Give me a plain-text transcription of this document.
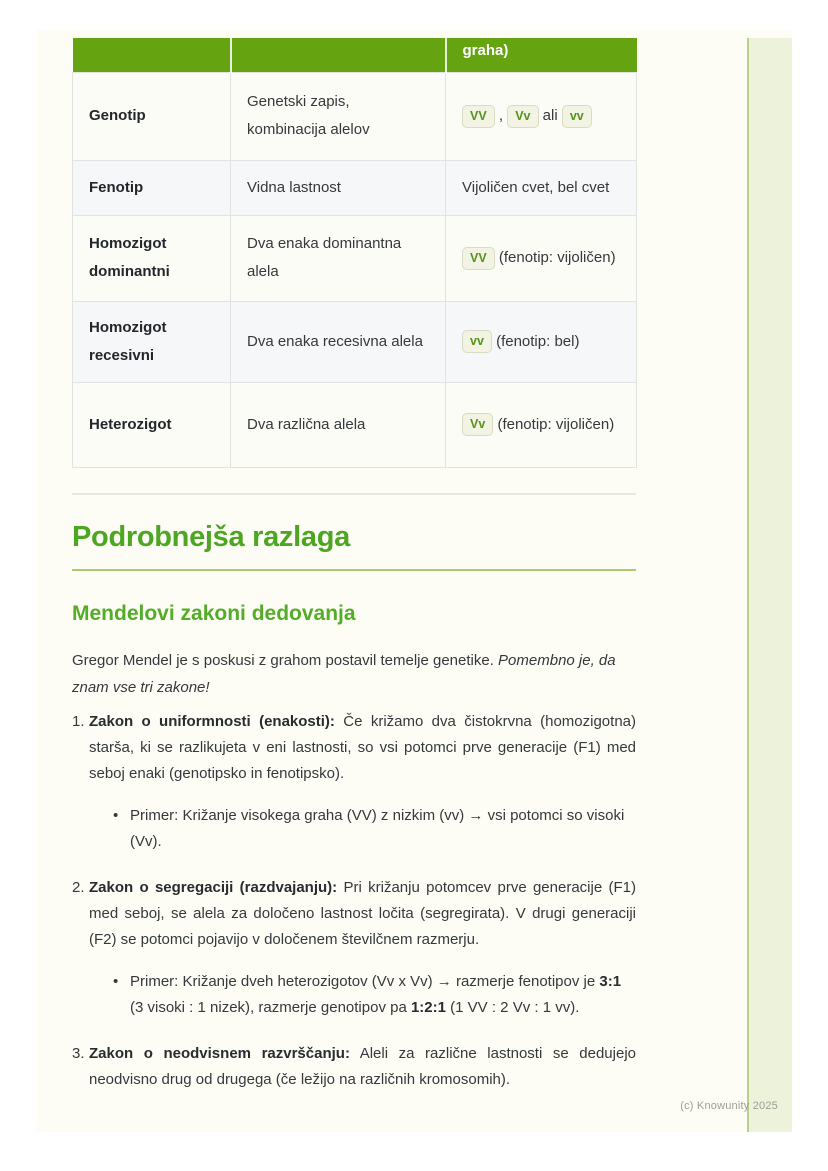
		graha)
Genotip	Genetski zapis, kombinacija alelov	VV , Vv ali vv
Fenotip	Vidna lastnost	Vijoličen cvet, bel cvet
Homozigot dominantni	Dva enaka dominantna alela	VV (fenotip: vijoličen)
Homozigot recesivni	Dva enaka recesivna alela	vv (fenotip: bel)
Heterozigot	Dva različna alela	Vv (fenotip: vijoličen)
Podrobnejša razlaga
Mendelovi zakoni dedovanja

Gregor Mendel je s poskusi z grahom postavil temelje genetike. Pomembno je, da znam vse tri zakone!

1. Zakon o uniformnosti (enakosti): Če križamo dva čistokrvna (homozigotna) starša, ki se razlikujeta v eni lastnosti, so vsi potomci prve generacije (F1) med seboj enaki (genotipsko in fenotipsko).
• Primer: Križanje visokega graha (VV) z nizkim (vv) → vsi potomci so visoki (Vv).
2. Zakon o segregaciji (razdvajanju): Pri križanju potomcev prve generacije (F1) med seboj, se alela za določeno lastnost ločita (segregirata). V drugi generaciji (F2) se potomci pojavijo v določenem številčnem razmerju.
• Primer: Križanje dveh heterozigotov (Vv x Vv) → razmerje fenotipov je 3:1 (3 visoki : 1 nizek), razmerje genotipov pa 1:2:1 (1 VV : 2 Vv : 1 vv).
3. Zakon o neodvisnem razvrščanju: Aleli za različne lastnosti se dedujejo neodvisno drug od drugega (če ležijo na različnih kromosomih).
(c) Knowunity 2025
